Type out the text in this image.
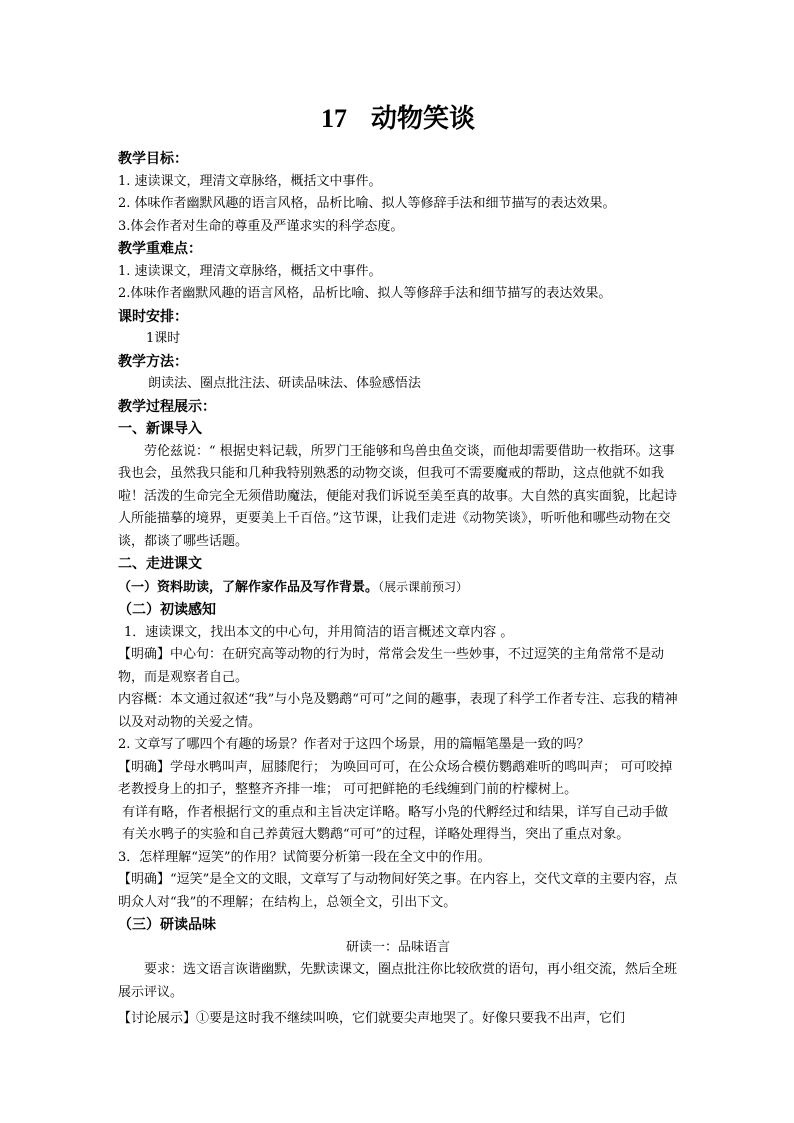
17 动物笑谈
教学目标：

1. 速读课文，理清文章脉络，概括文中事件。

2. 体味作者幽默风趣的语言风格，品析比喻、拟人等修辞手法和细节描写的表达效果。

3.体会作者对生命的尊重及严谨求实的科学态度。

教学重难点：

1. 速读课文，理清文章脉络，概括文中事件。

2.体味作者幽默风趣的语言风格，品析比喻、拟人等修辞手法和细节描写的表达效果。

课时安排：

1课时

教学方法：

朗读法、圈点批注法、研读品味法、体验感悟法

教学过程展示：
一、新课导入

劳伦兹说：“ 根据史料记载，所罗门王能够和鸟兽虫鱼交谈，而他却需要借助一枚指环。这事我也会，虽然我只能和几种我特别熟悉的动物交谈，但我可不需要魔戒的帮助，这点他就不如我啦！活泼的生命完全无须借助魔法，便能对我们诉说至美至真的故事。大自然的真实面貌，比起诗人所能描摹的境界，更要美上千百倍。”这节课，让我们走进《动物笑谈》，听听他和哪些动物在交谈，都谈了哪些话题。

二、走进课文

（一）资料助读，了解作家作品及写作背景。（展示课前预习）

（二）初读感知

1．速读课文，找出本文的中心句，并用简洁的语言概述文章内容 。

【明确】中心句：在研究高等动物的行为时，常常会发生一些妙事，不过逗笑的主角常常不是动物，而是观察者自己。

内容概：本文通过叙述“我”与小凫及鹦鹉“可可”之间的趣事，表现了科学工作者专注、忘我的精神以及对动物的关爱之情。

2. 文章写了哪四个有趣的场景？作者对于这四个场景，用的篇幅笔墨是一致的吗？

【明确】学母水鸭叫声，屈膝爬行； 为唤回可可，在公众场合模仿鹦鹉难听的鸣叫声； 可可咬掉老教授身上的扣子，整整齐齐排一堆； 可可把鲜艳的毛线缠到门前的柠檬树上。

有详有略，作者根据行文的重点和主旨决定详略。略写小凫的代孵经过和结果，详写自己动手做有关水鸭子的实验和自己养黄冠大鹦鹉“可可”的过程，详略处理得当，突出了重点对象。

3．怎样理解“逗笑”的作用？试简要分析第一段在全文中的作用。

【明确】“逗笑”是全文的文眼，文章写了与动物间好笑之事。在内容上，交代文章的主要内容，点明众人对“我”的不理解；在结构上，总领全文，引出下文。

（三）研读品味

研读一：品味语言

要求：选文语言诙谐幽默，先默读课文，圈点批注你比较欣赏的语句，再小组交流，然后全班展示评议。

【讨论展示】①要是这时我不继续叫唤，它们就要尖声地哭了。好像只要我不出声，它们
